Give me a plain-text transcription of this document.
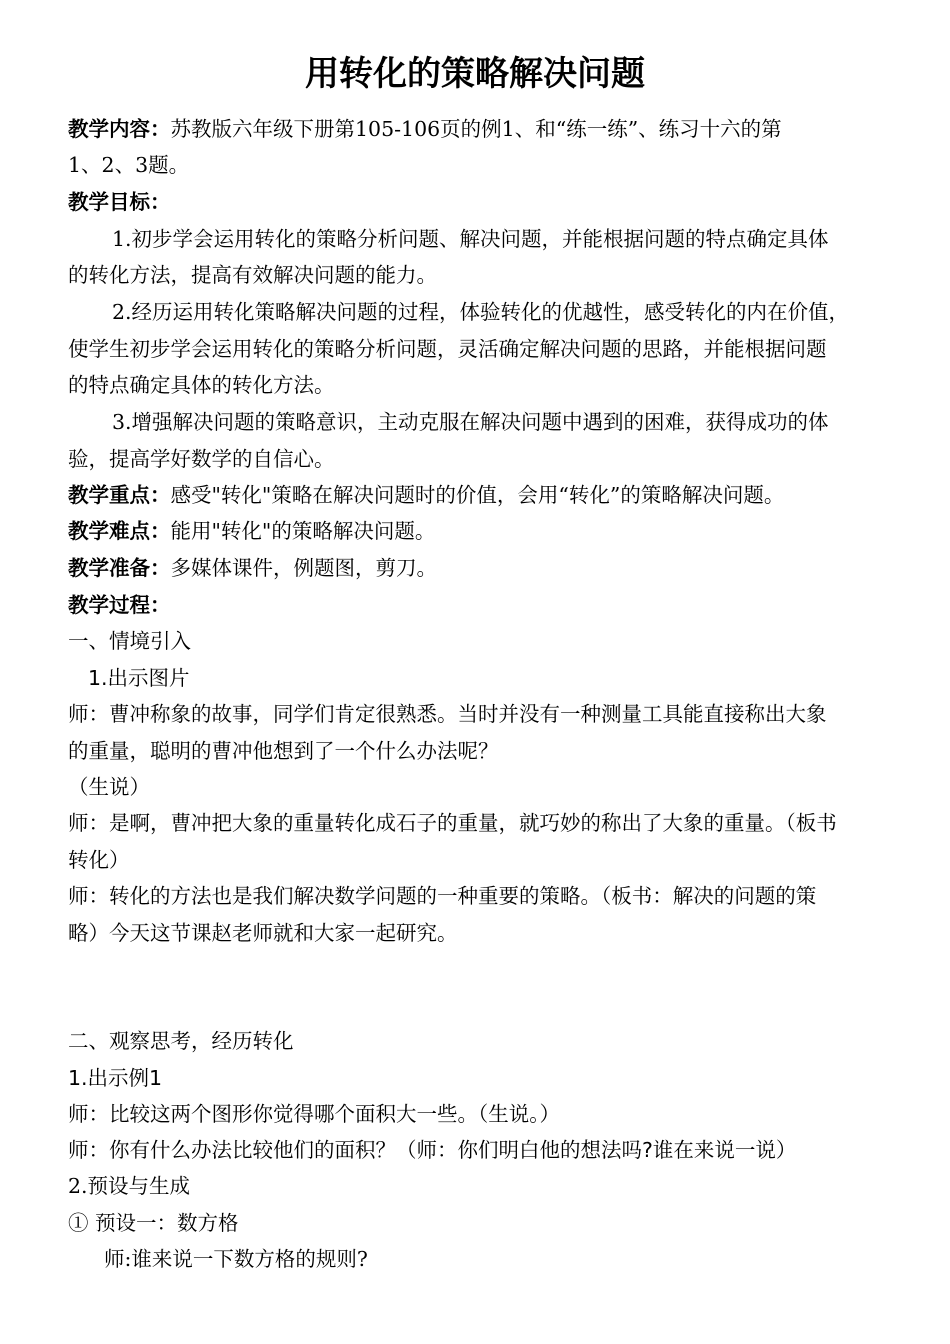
用转化的策略解决问题
教学内容：苏教版六年级下册第105-106页的例1、和“练一练”、练习十六的第
1、2、3题。
教学目标：
1.初步学会运用转化的策略分析问题、解决问题，并能根据问题的特点确定具体
的转化方法，提高有效解决问题的能力。
2.经历运用转化策略解决问题的过程，体验转化的优越性，感受转化的内在价值，
使学生初步学会运用转化的策略分析问题，灵活确定解决问题的思路，并能根据问题
的特点确定具体的转化方法。
3.增强解决问题的策略意识，主动克服在解决问题中遇到的困难，获得成功的体
验，提高学好数学的自信心。
教学重点：感受"转化"策略在解决问题时的价值，会用“转化”的策略解决问题。
教学难点：能用"转化"的策略解决问题。
教学准备：多媒体课件，例题图，剪刀。
教学过程：
一、情境引入
1.出示图片
师：曹冲称象的故事，同学们肯定很熟悉。当时并没有一种测量工具能直接称出大象
的重量，聪明的曹冲他想到了一个什么办法呢？
（生说）
师：是啊，曹冲把大象的重量转化成石子的重量，就巧妙的称出了大象的重量。（板书
转化）
师：转化的方法也是我们解决数学问题的一种重要的策略。（板书：解决的问题的策
略）今天这节课赵老师就和大家一起研究。
二、观察思考，经历转化
1.出示例1
师：比较这两个图形你觉得哪个面积大一些。（生说。）
师：你有什么办法比较他们的面积？（师：你们明白他的想法吗?谁在来说一说）
2.预设与生成
① 预设一：数方格
师:谁来说一下数方格的规则?
